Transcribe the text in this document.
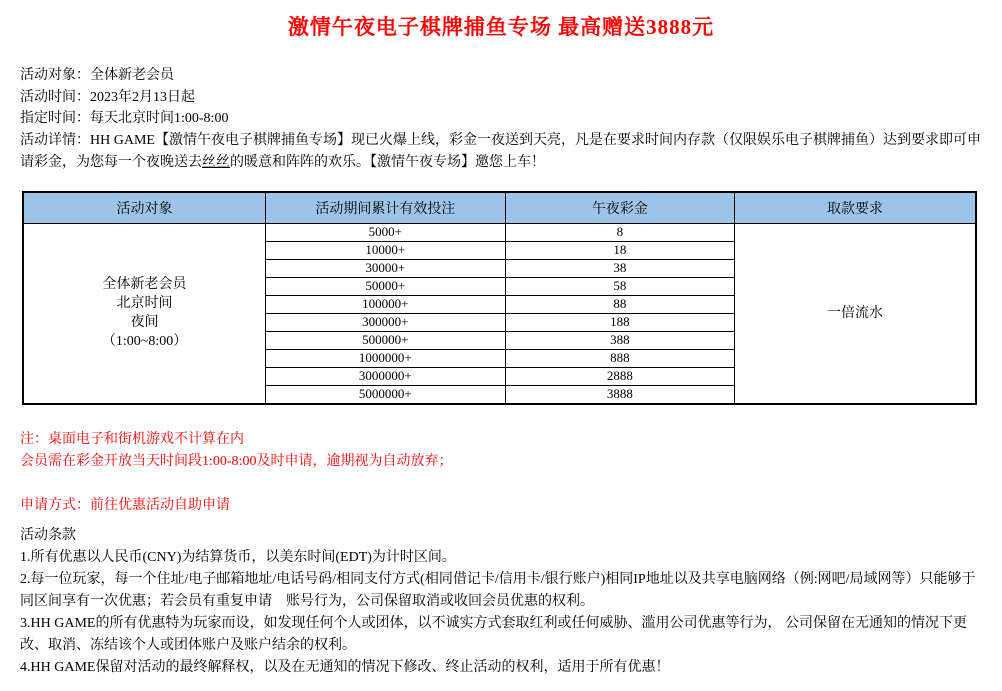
激情午夜电子棋牌捕鱼专场 最高赠送3888元
活动对象：全体新老会员
活动时间：2023年2月13日起
指定时间：每天北京时间1:00-8:00
活动详情：HH GAME【激情午夜电子棋牌捕鱼专场】现已火爆上线，彩金一夜送到天亮，凡是在要求时间内存款（仅限娱乐电子棋牌捕鱼）达到要求即可申请彩金，为您每一个夜晚送去丝丝的暖意和阵阵的欢乐。【激情午夜专场】邀您上车！
活动对象	活动期间累计有效投注	午夜彩金	取款要求

全体新老会员
北京时间
夜间
（1:00~8:00）	5000+	8	一倍流水
	10000+	18	
	30000+	38	
	50000+	58	
	100000+	88	
	300000+	188	
	500000+	388	
	1000000+	888	
	3000000+	2888	
	5000000+	3888	
注：桌面电子和街机游戏不计算在内
会员需在彩金开放当天时间段1:00-8:00及时申请，逾期视为自动放弃；
申请方式：前往优惠活动自助申请
活动条款
1.所有优惠以人民币(CNY)为结算货币，以美东时间(EDT)为计时区间。
2.每一位玩家，每一个住址/电子邮箱地址/电话号码/相同支付方式(相同借记卡/信用卡/银行账户)相同IP地址以及共享电脑网络（例:网吧/局域网等）只能够于同区间享有一次优惠；若会员有重复申请　账号行为，公司保留取消或收回会员优惠的权利。
3.HH GAME的所有优惠特为玩家而设，如发现任何个人或团体，以不诚实方式套取红利或任何威胁、滥用公司优惠等行为， 公司保留在无通知的情况下更改、取消、冻结该个人或团体账户及账户结余的权利。
4.HH GAME保留对活动的最终解释权，以及在无通知的情况下修改、终止活动的权利，适用于所有优惠！
